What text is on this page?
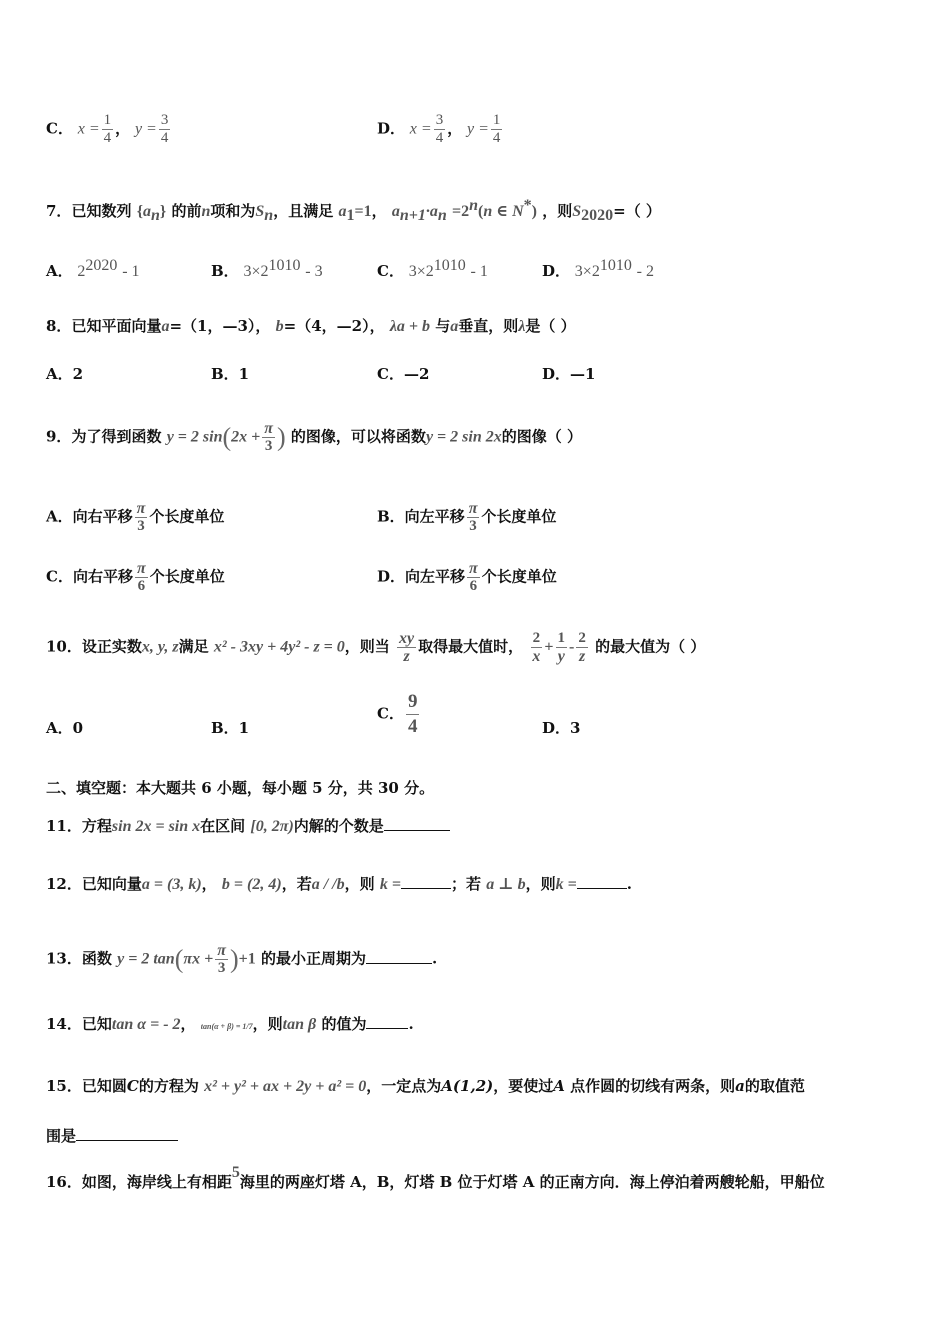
C． $x = \frac{1}{4}$ ， $y = \frac{3}{4}$	D． $x = \frac{3}{4}$ ， $y = \frac{1}{4}$
7．已知数列 $\{a_n\}$ 的前n项和为$S_n$，且满足 $a_1=1$， $a_{n+1}\cdot a_n =2^n(n$ ∈ N*) ，则$S_{2020}=$（ ）
A． $2^{2020} - 1$	B． $3\times 2^{1010} - 3$	C． $3\times 2^{1010} - 1$	D． $3\times 2^{1010} - 2$
8．已知平面向量a=（1，—3）， b=（4，—2）， λa + b 与a垂直，则λ是（ ）
A．2	B．1	C．—2	D．—1
9．为了得到函数 y = 2 $\sin(2x + \frac{\pi}{3}$ ) 的图像，可以将函数y = 2 sin 2x的图像（ ）
A．向右平移 $\frac{\pi}{3}$ 个长度单位	B．向左平移 $\frac{\pi}{3}$ 个长度单位
C．向右平移 $\frac{\pi}{6}$ 个长度单位	D．向左平移 $\frac{\pi}{6}$ 个长度单位
10．设正实数x, y, z满足 x² - 3xy + 4y² - z = 0，则当 $\frac{xy}{z}$ 取得最大值时， $\frac{2}{x} + \frac{1}{y} - \frac{2}{z}$ 的最大值为（ ）
A．0	B．1
C． $\frac{9}{4}$	D．3
二、填空题：本大题共 6 小题，每小题 5 分，共 30 分。
11．方程sin 2x = sin x在区间 [0, 2π)内解的个数是
12．已知向量a = (3, k)， b = (2, 4)，若a / /b，则 k =	；若 a ⊥ b，则k =	.
13．函数 y = 2 $\tan(\pi x + \frac{\pi}{3} )+1$ 的最小正周期为	.
14．已知tan α = - 2， tan(α + β) = 1/7，则tan β 的值为	.
15．已知圆C的方程为 x² + y² + ax + 2y + a² = 0，一定点为A(1,2)，要使过A 点作圆的切线有两条，则a的取值范
围是
16．如图，海岸线上有相距5海里的两座灯塔 A，B，灯塔 B 位于灯塔 A 的正南方向．海上停泊着两艘轮船，甲船位
